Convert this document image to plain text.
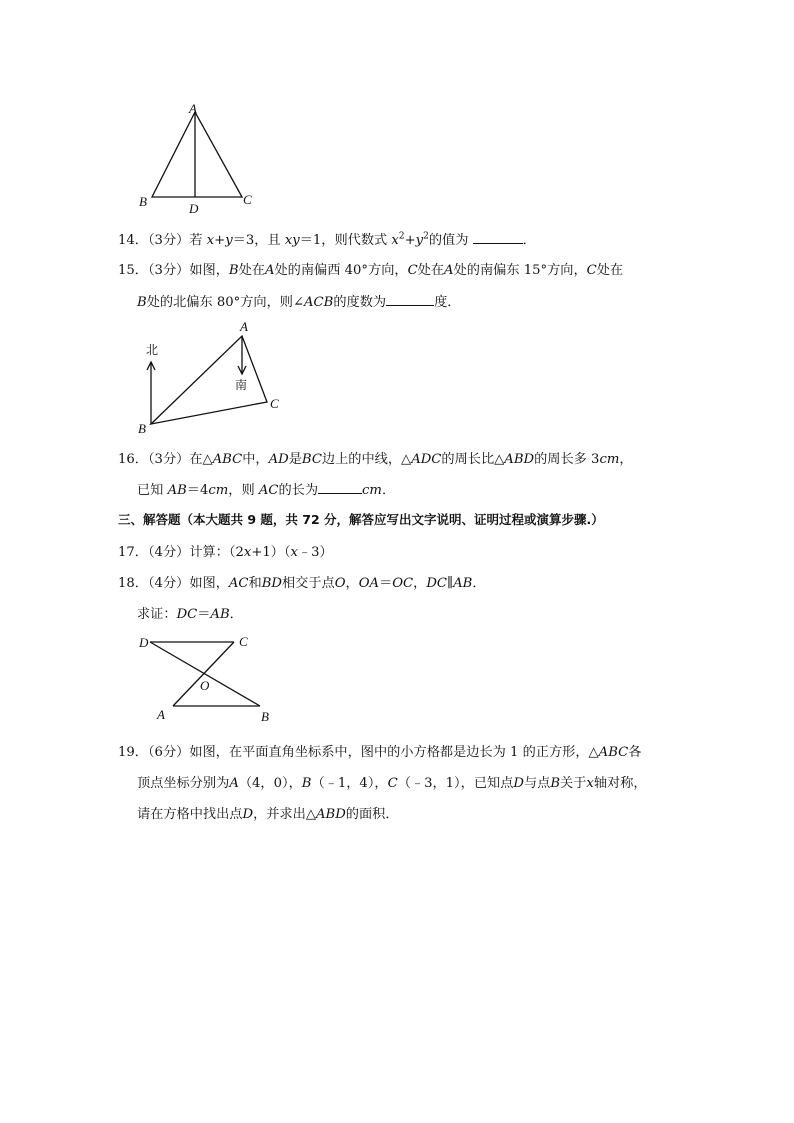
A
B	C
D
14．（3分）若 x+y＝3，且 xy＝1，则代数式 $x^2+y^2$的值为	．
15．（3分）如图，B处在A处的南偏西 40°方向，C处在A处的南偏东 15°方向，C处在
B处的北偏东 80°方向，则∠ACB的度数为	度．
北
南
A
B
C
16．（3分）在△ABC中，AD是BC边上的中线，△ADC的周长比△ABD的周长多 3cm，
已知 AB＝4cm，则 AC的长为	cm．
三、解答题（本大题共 9 题，共 72 分，解答应写出文字说明、证明过程或演算步骤.）
17．（4分）计算：（2x+1）（x﹣3）
18．（4分）如图，AC和BD相交于点O，OA＝OC，DC∥AB．
求证：DC＝AB．
D	C
O
A	B
19．（6分）如图，在平面直角坐标系中，图中的小方格都是边长为 1 的正方形，△ABC各
顶点坐标分别为A（4，0），B（﹣1，4），C（﹣3，1），已知点D与点B关于x轴对称，
请在方格中找出点D，并求出△ABD的面积．
